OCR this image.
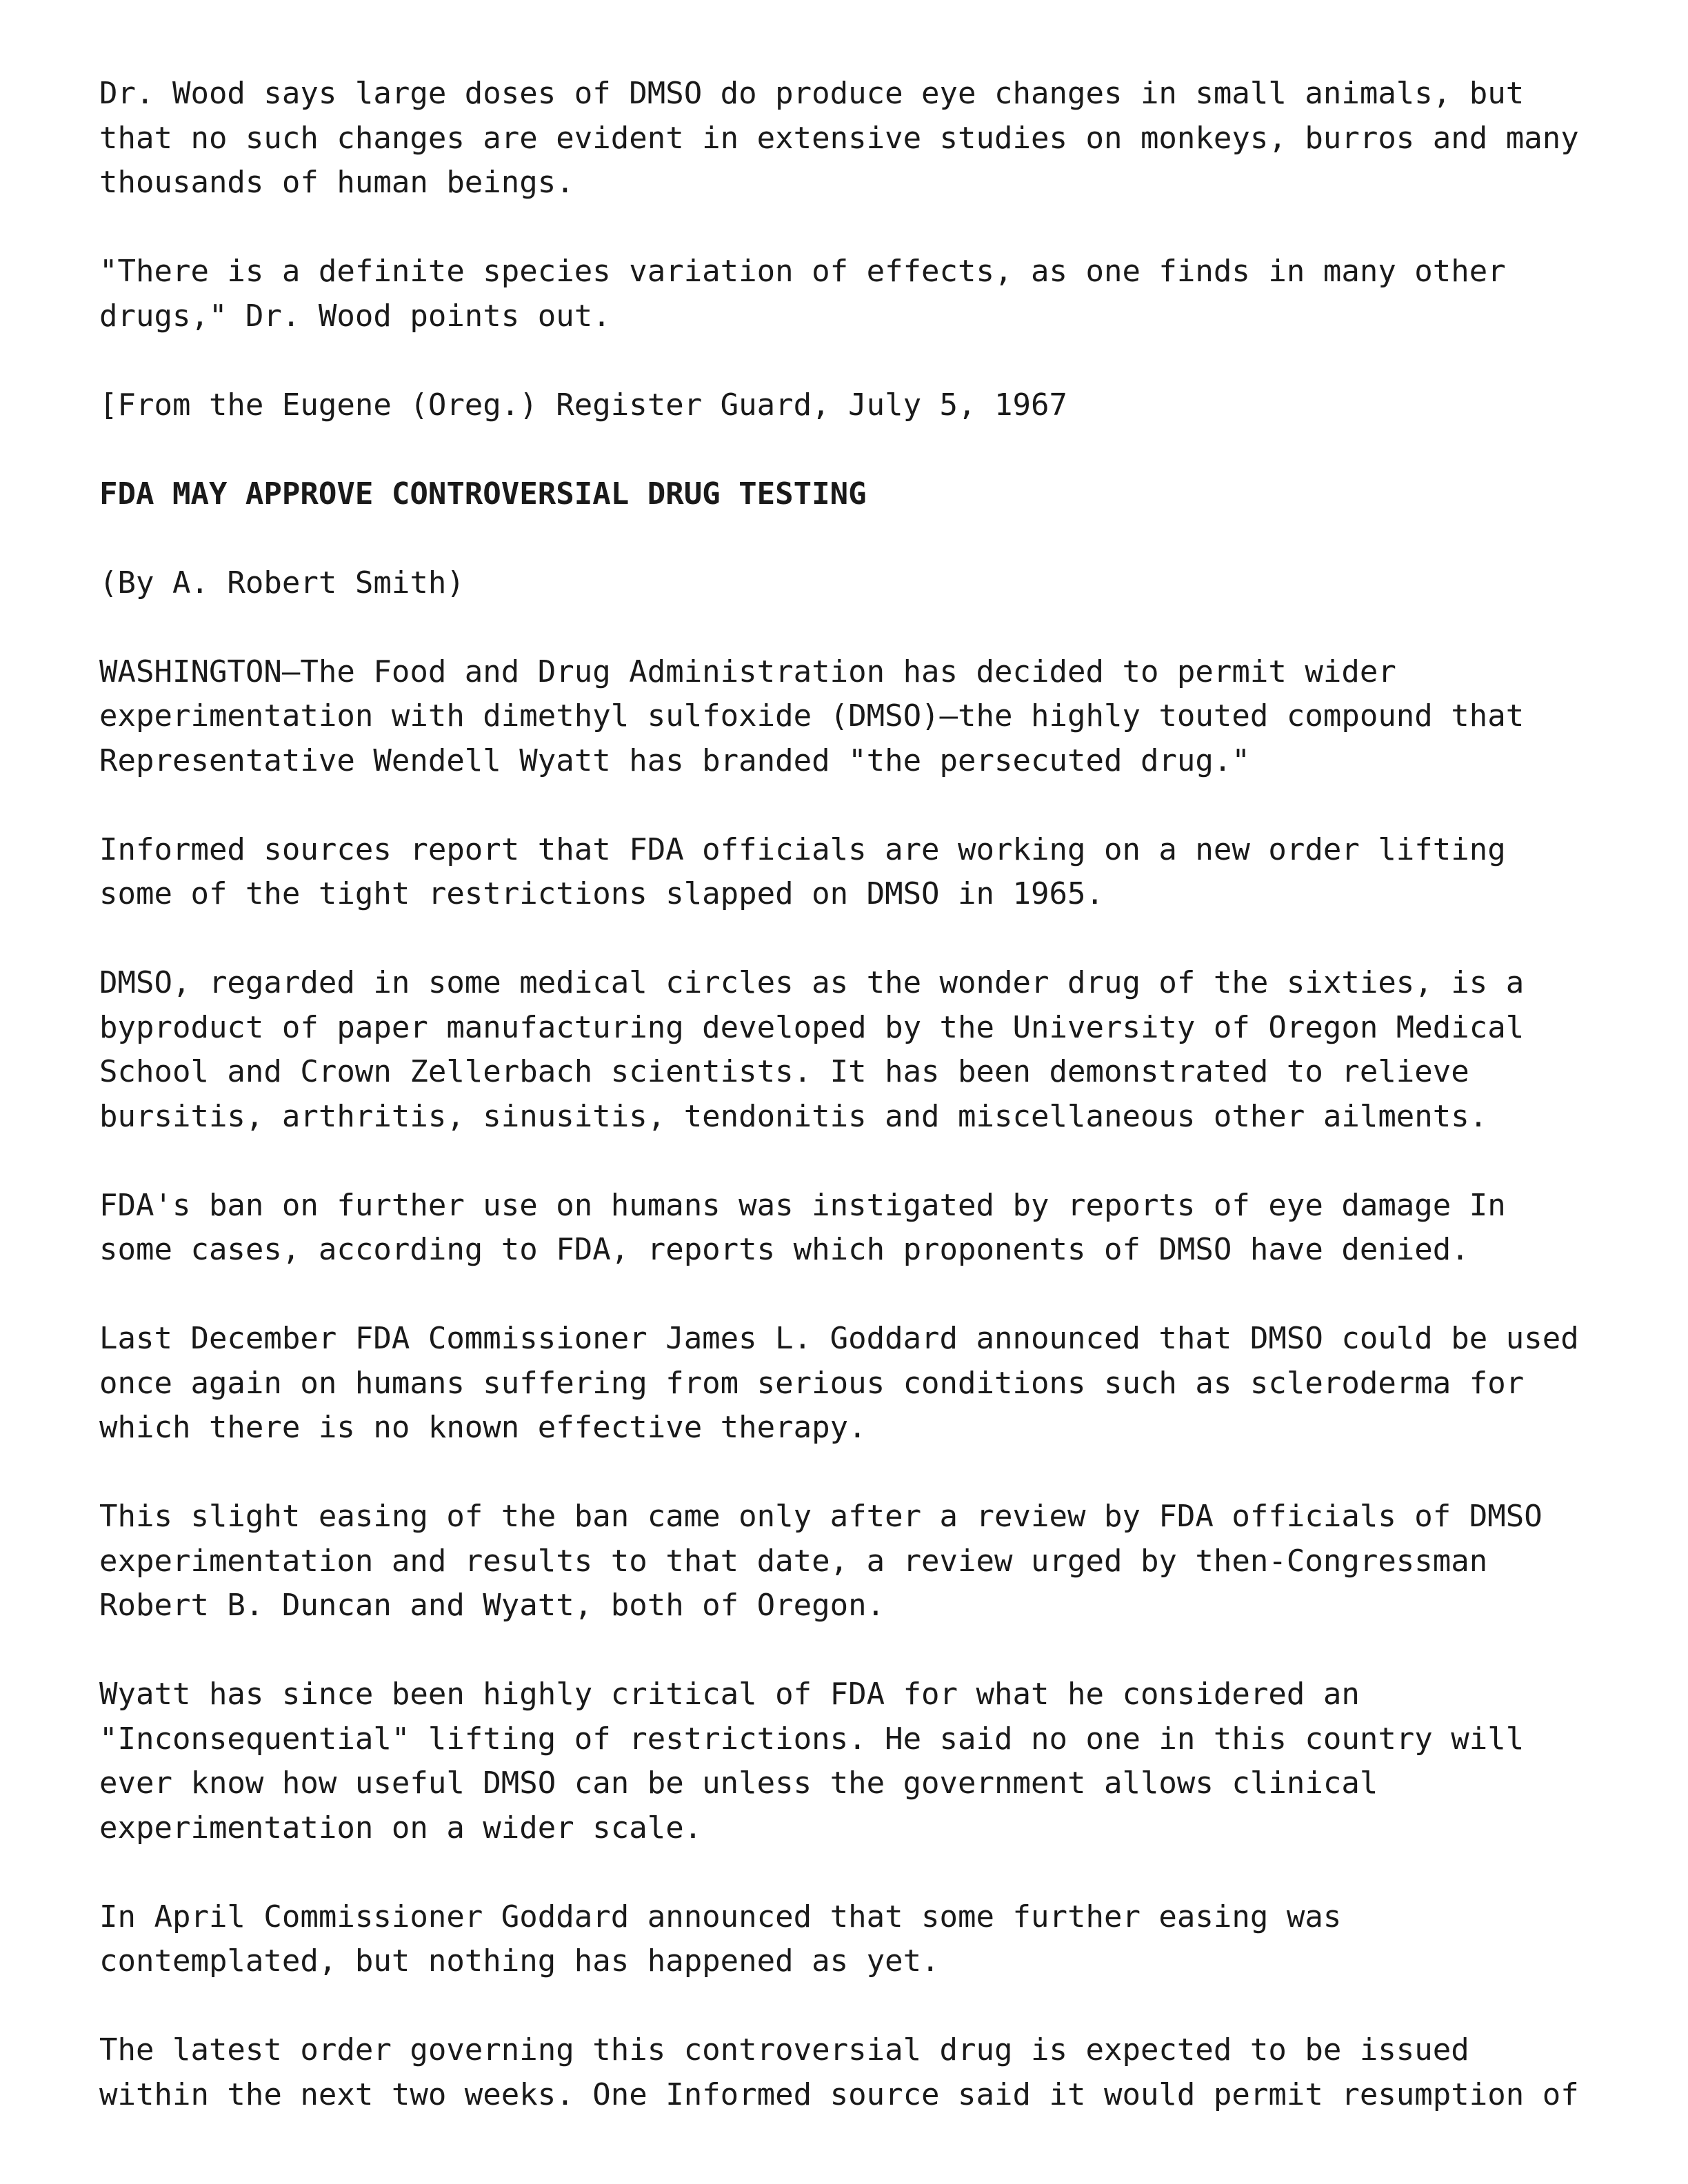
Dr. Wood says large doses of DMSO do produce eye changes in small animals, but
that no such changes are evident in extensive studies on monkeys, burros and many
thousands of human beings.

"There is a definite species variation of effects, as one finds in many other
drugs," Dr. Wood points out.

[From the Eugene (Oreg.) Register Guard, July 5, 1967

FDA MAY APPROVE CONTROVERSIAL DRUG TESTING

(By A. Robert Smith)

WASHINGTON—The Food and Drug Administration has decided to permit wider
experimentation with dimethyl sulfoxide (DMSO)—the highly touted compound that
Representative Wendell Wyatt has branded "the persecuted drug."

Informed sources report that FDA officials are working on a new order lifting
some of the tight restrictions slapped on DMSO in 1965.

DMSO, regarded in some medical circles as the wonder drug of the sixties, is a
byproduct of paper manufacturing developed by the University of Oregon Medical
School and Crown Zellerbach scientists. It has been demonstrated to relieve
bursitis, arthritis, sinusitis, tendonitis and miscellaneous other ailments.

FDA's ban on further use on humans was instigated by reports of eye damage In
some cases, according to FDA, reports which proponents of DMSO have denied.

Last December FDA Commissioner James L. Goddard announced that DMSO could be used
once again on humans suffering from serious conditions such as scleroderma for
which there is no known effective therapy.

This slight easing of the ban came only after a review by FDA officials of DMSO
experimentation and results to that date, a review urged by then-Congressman
Robert B. Duncan and Wyatt, both of Oregon.

Wyatt has since been highly critical of FDA for what he considered an
"Inconsequential" lifting of restrictions. He said no one in this country will
ever know how useful DMSO can be unless the government allows clinical
experimentation on a wider scale.

In April Commissioner Goddard announced that some further easing was
contemplated, but nothing has happened as yet.

The latest order governing this controversial drug is expected to be issued
within the next two weeks. One Informed source said it would permit resumption of
